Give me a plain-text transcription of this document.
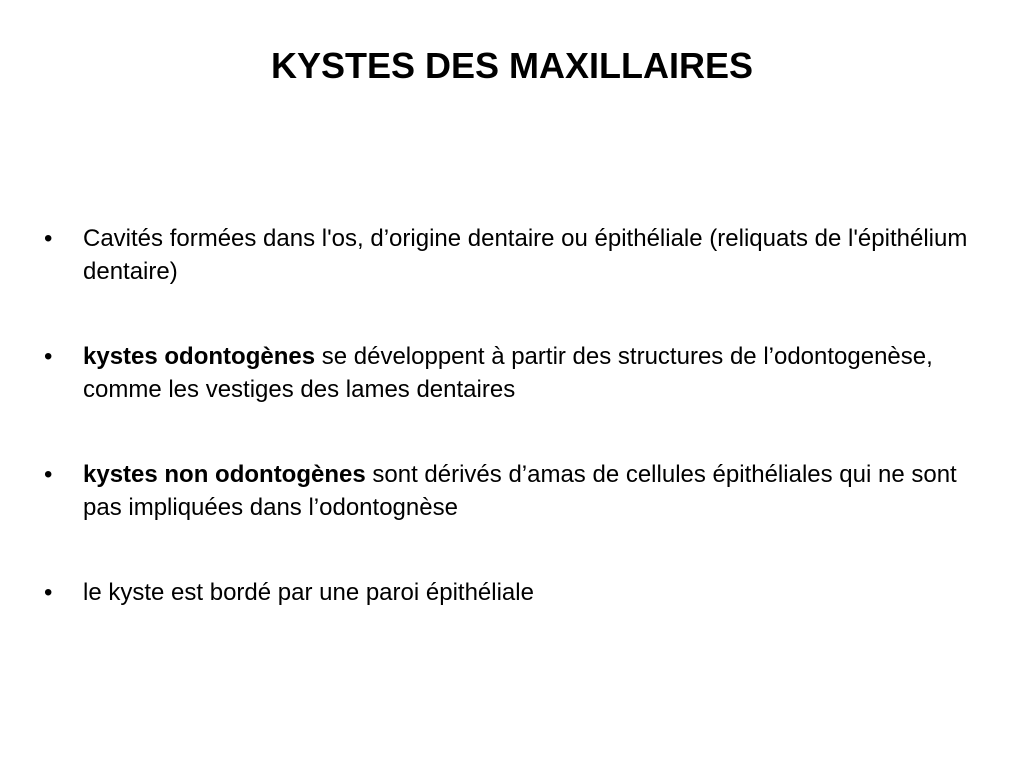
KYSTES DES MAXILLAIRES
• Cavités formées dans l'os, d’origine dentaire ou épithéliale (reliquats de l'épithélium dentaire)
• kystes odontogènes se développent à partir des structures de l’odontogenèse, comme les vestiges des lames dentaires
• kystes non odontogènes sont dérivés d’amas de cellules épithéliales qui ne sont pas impliquées dans l’odontognèse
• le kyste est bordé par une paroi épithéliale
